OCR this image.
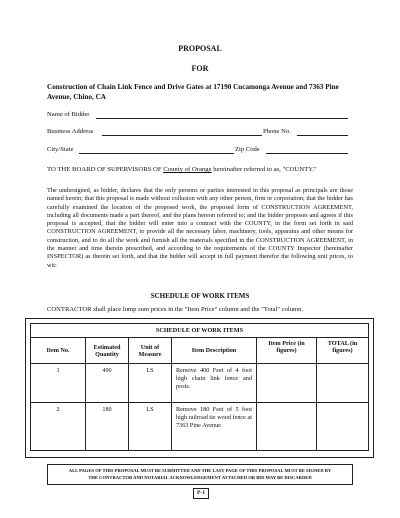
PROPOSAL
FOR
Construction of Chain Link Fence and Drive Gates at 17190 Cucamonga Avenue and 7363 Pine Avenue, Chino, CA
Name of Bidder
Business Address	Phone No.
City/State	Zip Code
TO THE BOARD OF SUPERVISORS OF County of Orange hereinafter referred to as, "COUNTY."
The undersigned, as bidder, declares that the only persons or parties interested in this proposal as principals are those named herein; that this proposal is made without collusion with any other person, firm or corporation; that the bidder has carefully examined the location of the proposed work, the proposed form of CONSTRUCTION AGREEMENT, including all documents made a part thereof, and the plans hereon referred to; and the bidder proposes and agrees if this proposal is accepted, that the bidder will enter into a contract with the COUNTY, in the form set forth in said CONSTRUCTION AGREEMENT, to provide all the necessary labor, machinery, tools, apparatus and other means for construction, and to do all the work and furnish all the materials specified in the CONSTRUCTION AGREEMENT, in the manner and time therein prescribed, and according to the requirements of the COUNTY Inspector (hereinafter INSPECTOR) as therein set forth, and that the bidder will accept in full payment therefor the following unit prices, to wit:
SCHEDULE OF WORK ITEMS
CONTRACTOR shall place lump sum prices in the "Item Price" column and the "Total" column.
SCHEDULE OF WORK ITEMS					
Item No.	Estimated Quantity	Unit of Measure	Item Description	Item Price (in figures)	TOTAL (in figures)
1	400	LS	Remove 400 Feet of 4 foot high chain link fence and posts.		
2	180	LS	Remove 180 Feet of 5 foot high railroad tie wood fence at 7363 Pine Avenue		
ALL PAGES OF THIS PROPOSAL MUST BE SUBMITTED AND THE LAST PAGE OF THIS PROPOSAL MUST BE SIGNED BY
THE CONTRACTOR AND NOTARIAL ACKNOWLEDGEMENT ATTACHED OR BID MAY BE DISCARDED
P-1
